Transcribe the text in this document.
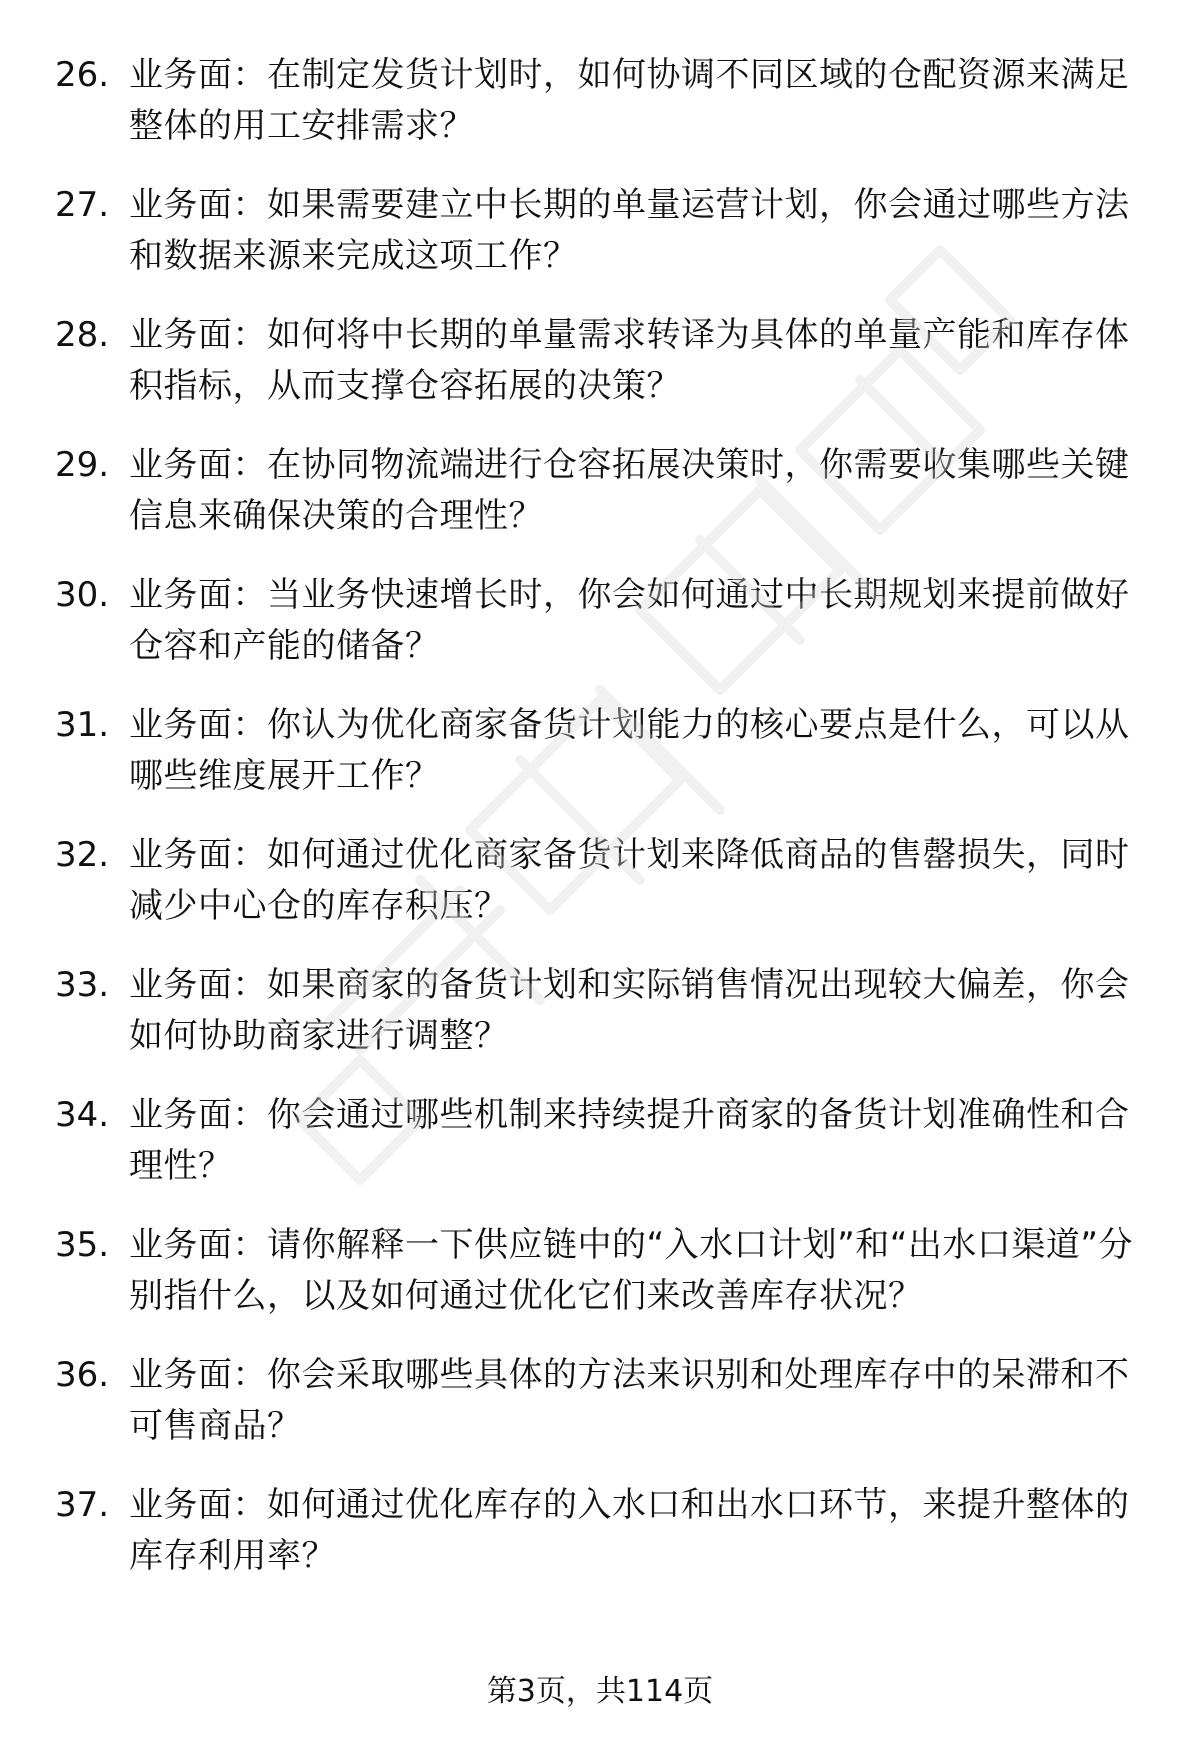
26. 业务面：在制定发货计划时，如何协调不同区域的仓配资源来满足整体的用工安排需求？
27. 业务面：如果需要建立中长期的单量运营计划，你会通过哪些方法和数据来源来完成这项工作？
28. 业务面：如何将中长期的单量需求转译为具体的单量产能和库存体积指标，从而支撑仓容拓展的决策？
29. 业务面：在协同物流端进行仓容拓展决策时，你需要收集哪些关键信息来确保决策的合理性？
30. 业务面：当业务快速增长时，你会如何通过中长期规划来提前做好仓容和产能的储备？
31. 业务面：你认为优化商家备货计划能力的核心要点是什么，可以从哪些维度展开工作？
32. 业务面：如何通过优化商家备货计划来降低商品的售罄损失，同时减少中心仓的库存积压？
33. 业务面：如果商家的备货计划和实际销售情况出现较大偏差，你会如何协助商家进行调整？
34. 业务面：你会通过哪些机制来持续提升商家的备货计划准确性和合理性？
35. 业务面：请你解释一下供应链中的“入水口计划”和“出水口渠道”分别指什么，以及如何通过优化它们来改善库存状况？
36. 业务面：你会采取哪些具体的方法来识别和处理库存中的呆滞和不可售商品？
37. 业务面：如何通过优化库存的入水口和出水口环节，来提升整体的库存利用率？
第3页，共114页
